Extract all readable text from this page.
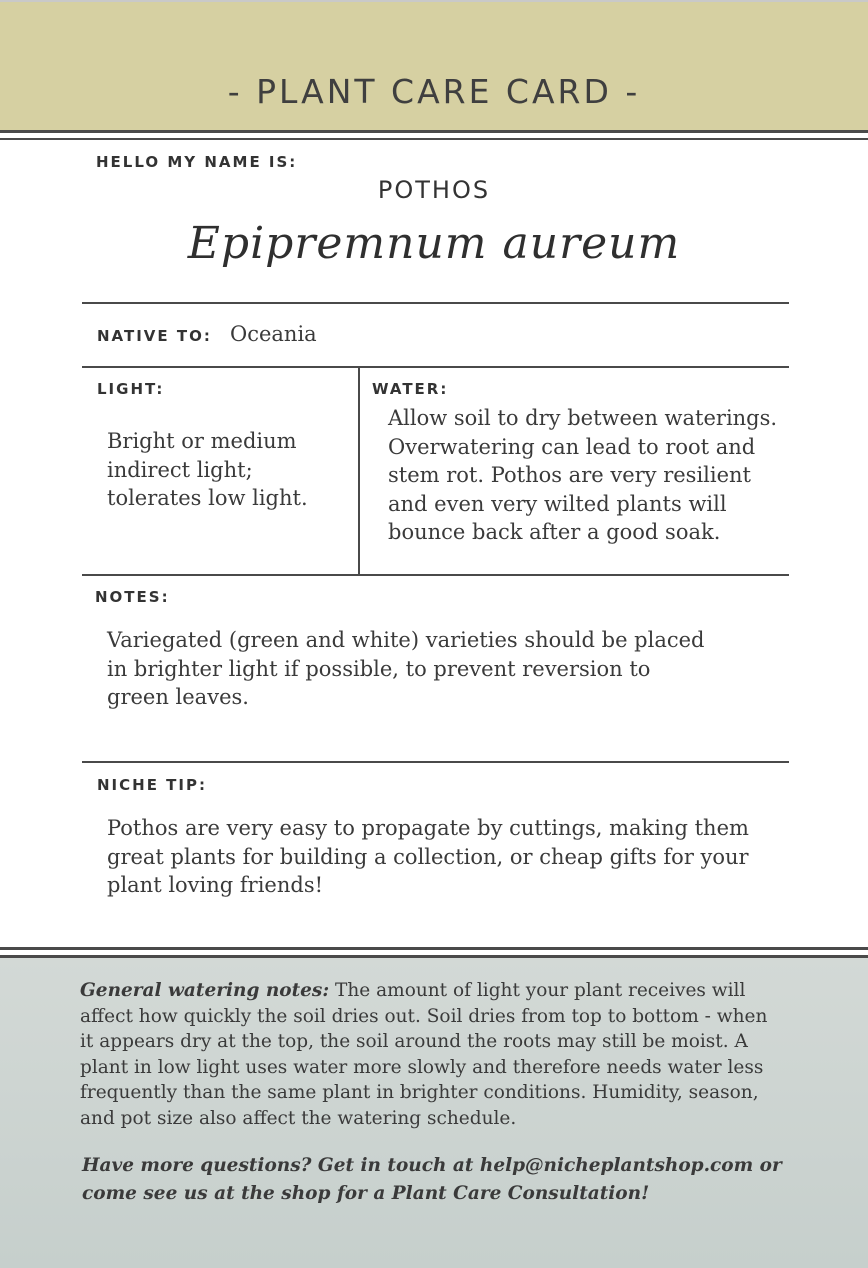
- PLANT CARE CARD -
HELLO MY NAME IS:
POTHOS
Epipremnum aureum
NATIVE TO: Oceania
LIGHT:
Bright or medium
indirect light;
tolerates low light.
WATER:
Allow soil to dry between waterings.
Overwatering can lead to root and
stem rot. Pothos are very resilient
and even very wilted plants will
bounce back after a good soak.
NOTES:
Variegated (green and white) varieties should be placed
in brighter light if possible, to prevent reversion to
green leaves.
NICHE TIP:
Pothos are very easy to propagate by cuttings, making them
great plants for building a collection, or cheap gifts for your
plant loving friends!
General watering notes: The amount of light your plant receives will
affect how quickly the soil dries out. Soil dries from top to bottom - when
it appears dry at the top, the soil around the roots may still be moist. A
plant in low light uses water more slowly and therefore needs water less
frequently than the same plant in brighter conditions. Humidity, season,
and pot size also affect the watering schedule.
Have more questions? Get in touch at help@nicheplantshop.com or
come see us at the shop for a Plant Care Consultation!
